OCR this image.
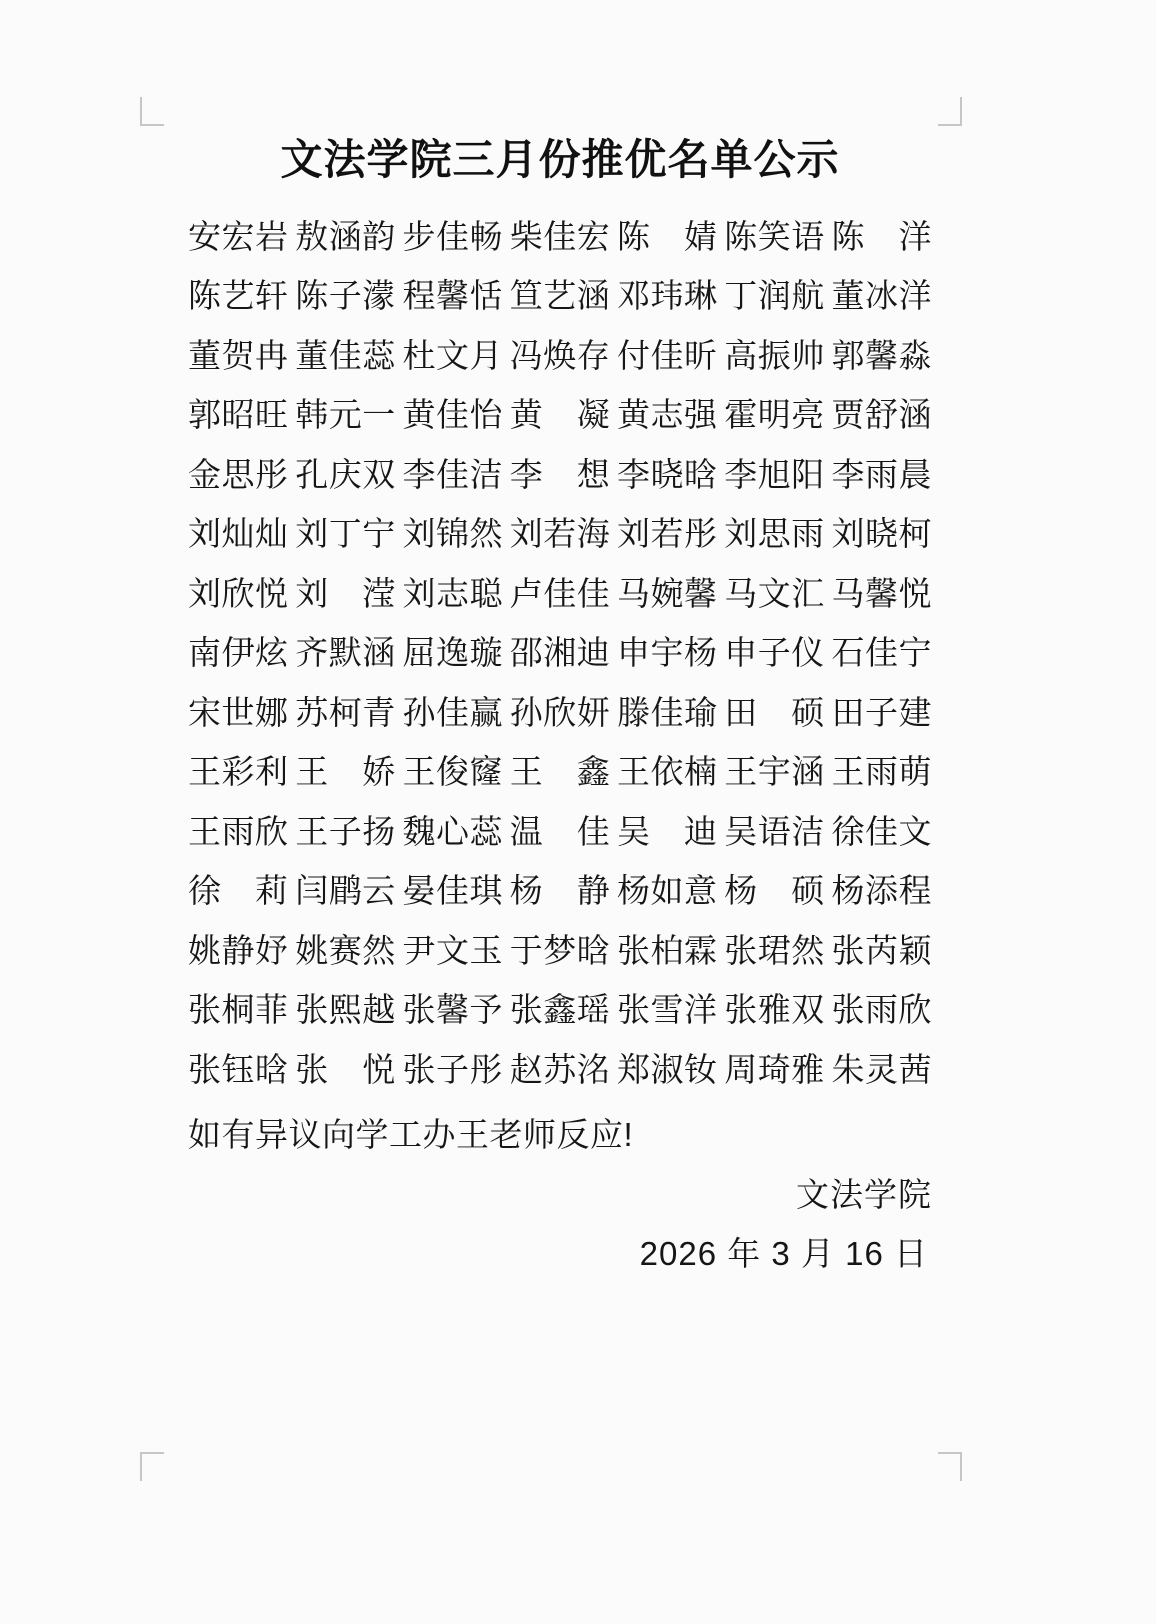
文法学院三月份推优名单公示
安宏岩 敖涵韵 步佳畅 柴佳宏 陈　婧 陈笑语 陈　洋
陈艺轩 陈子濛 程馨恬 笪艺涵 邓玮琳 丁润航 董冰洋
董贺冉 董佳蕊 杜文月 冯焕存 付佳昕 高振帅 郭馨淼
郭昭旺 韩元一 黄佳怡 黄　凝 黄志强 霍明亮 贾舒涵
金思彤 孔庆双 李佳洁 李　想 李晓晗 李旭阳 李雨晨
刘灿灿 刘丁宁 刘锦然 刘若海 刘若彤 刘思雨 刘晓柯
刘欣悦 刘　滢 刘志聪 卢佳佳 马婉馨 马文汇 马馨悦
南伊炫 齐默涵 屈逸璇 邵湘迪 申宇杨 申子仪 石佳宁
宋世娜 苏柯青 孙佳赢 孙欣妍 滕佳瑜 田　硕 田子建
王彩利 王　娇 王俊窿 王　鑫 王依楠 王宇涵 王雨萌
王雨欣 王子扬 魏心蕊 温　佳 吴　迪 吴语洁 徐佳文
徐　莉 闫鹛云 晏佳琪 杨　静 杨如意 杨　硕 杨添程
姚静妤 姚赛然 尹文玉 于梦晗 张柏霖 张珺然 张芮颖
张桐菲 张熙越 张馨予 张鑫瑶 张雪洋 张雅双 张雨欣
张钰晗 张　悦 张子彤 赵苏洺 郑淑钕 周琦雅 朱灵茜
如有异议向学工办王老师反应!
文法学院
2026 年 3 月 16 日
